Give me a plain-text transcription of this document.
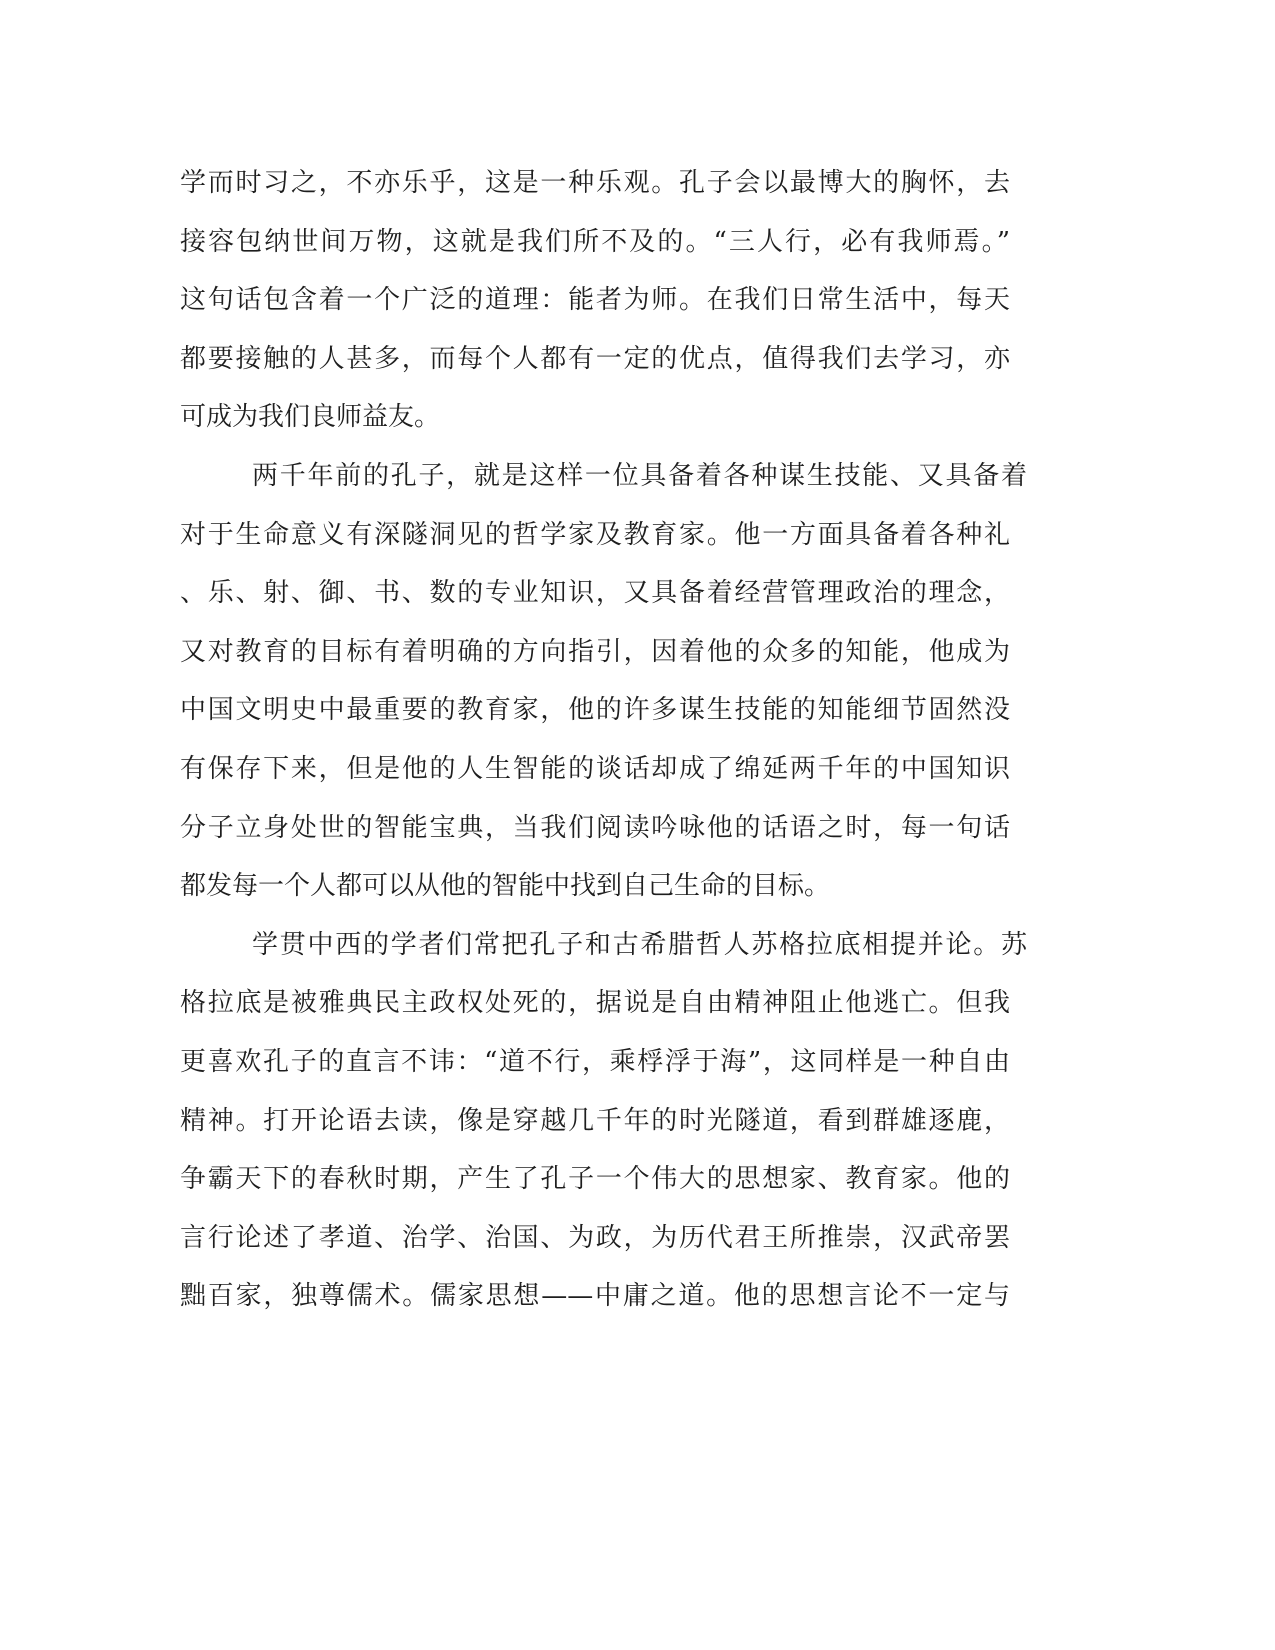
学而时习之，不亦乐乎，这是一种乐观。孔子会以最博大的胸怀，去
接容包纳世间万物，这就是我们所不及的。“三人行，必有我师焉。”
这句话包含着一个广泛的道理：能者为师。在我们日常生活中，每天
都要接触的人甚多，而每个人都有一定的优点，值得我们去学习，亦
可成为我们良师益友。
两千年前的孔子，就是这样一位具备着各种谋生技能、又具备着
对于生命意义有深隧洞见的哲学家及教育家。他一方面具备着各种礼
、乐、射、御、书、数的专业知识，又具备着经营管理政治的理念，
又对教育的目标有着明确的方向指引，因着他的众多的知能，他成为
中国文明史中最重要的教育家，他的许多谋生技能的知能细节固然没
有保存下来，但是他的人生智能的谈话却成了绵延两千年的中国知识
分子立身处世的智能宝典，当我们阅读吟咏他的话语之时，每一句话
都发每一个人都可以从他的智能中找到自己生命的目标。
学贯中西的学者们常把孔子和古希腊哲人苏格拉底相提并论。苏
格拉底是被雅典民主政权处死的，据说是自由精神阻止他逃亡。但我
更喜欢孔子的直言不讳：“道不行，乘桴浮于海”，这同样是一种自由
精神。打开论语去读，像是穿越几千年的时光隧道，看到群雄逐鹿，
争霸天下的春秋时期，产生了孔子一个伟大的思想家、教育家。他的
言行论述了孝道、治学、治国、为政，为历代君王所推崇，汉武帝罢
黜百家，独尊儒术。儒家思想——中庸之道。他的思想言论不一定与
